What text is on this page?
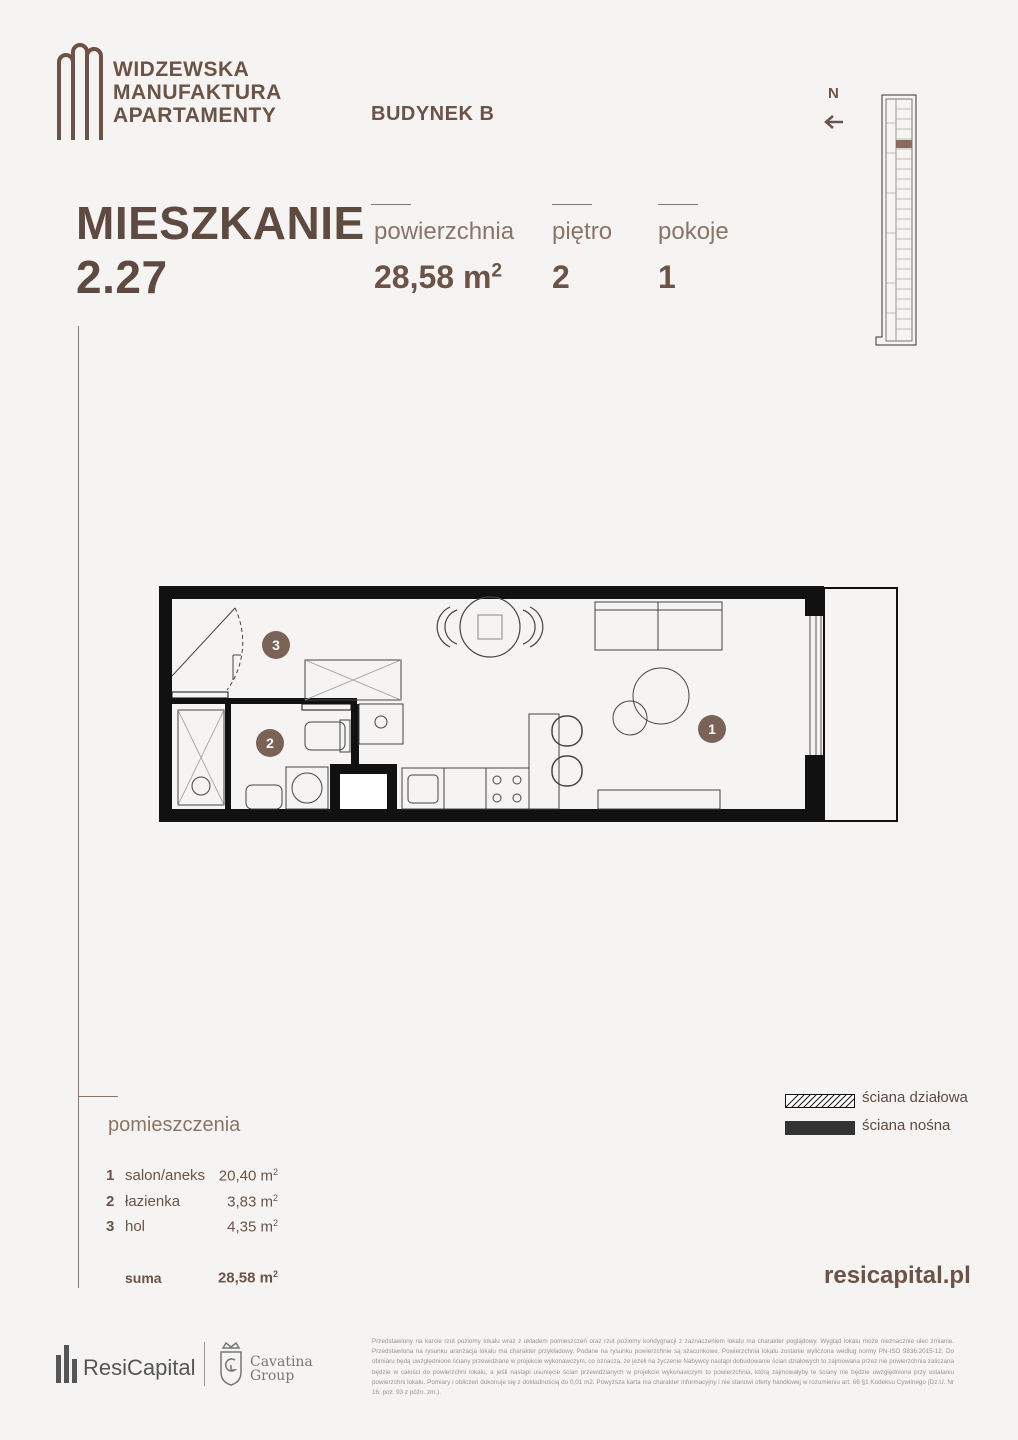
WIDZEWSKA
MANUFAKTURA
APARTAMENTY	BUDYNEK B
N
MIESZKANIE
2.27
powierzchnia
28,58 $m^2$
piętro
2
pokoje
1
3
2
1
ściana działowa
ściana nośna
pomieszczenia
1 salon/aneks 20,40 $m^2$
2 łazienka	3,83 $m^2$
3 hol	4,35 $m^2$
suma	28,58 $m^2$	resicapital.pl
ResiCapital	Cavatina
Group
Przedstawiony na karcie rzut poziomy lokalu wraz z układem pomieszczeń oraz rzut poziomy kondygnacji z zaznaczeniem lokalu ma charakter poglądowy. Wygląd lokalu może nieznacznie ulec zmianie. Przedstawiona na rysunku aranżacja lokalu ma charakter przykładowy. Podane na rysunku powierzchnie są szacunkowe. Powierzchnia lokalu zostanie wyliczona według normy PN-ISO 9836:2015-12. Do obmiaru będą uwzględnione ściany przewidziane w projekcie wykonawczym, co oznacza, że jeżeli na życzenie Nabywcy nastąpi dobudowanie ścian działowych to zajmowana przez nie powierzchnia zaliczana będzie w całości do powierzchni lokalu, a jeśli nastąpi usunięcie ścian przewidzianych w projekcie wykonawczym to powierzchnia, którą zajmowałyby te ściany nie będzie uwzględniona przy ustalaniu powierzchni lokalu. Pomiary i obliczeń dokonuje się z dokładnością do 0,01 m2. Powyższa karta ma charakter informacyjny i nie stanowi oferty handlowej w rozumieniu art. 66 §1 Kodeksu Cywilnego (Dz.U. Nr 16, poz. 93 z późn. zm.).
